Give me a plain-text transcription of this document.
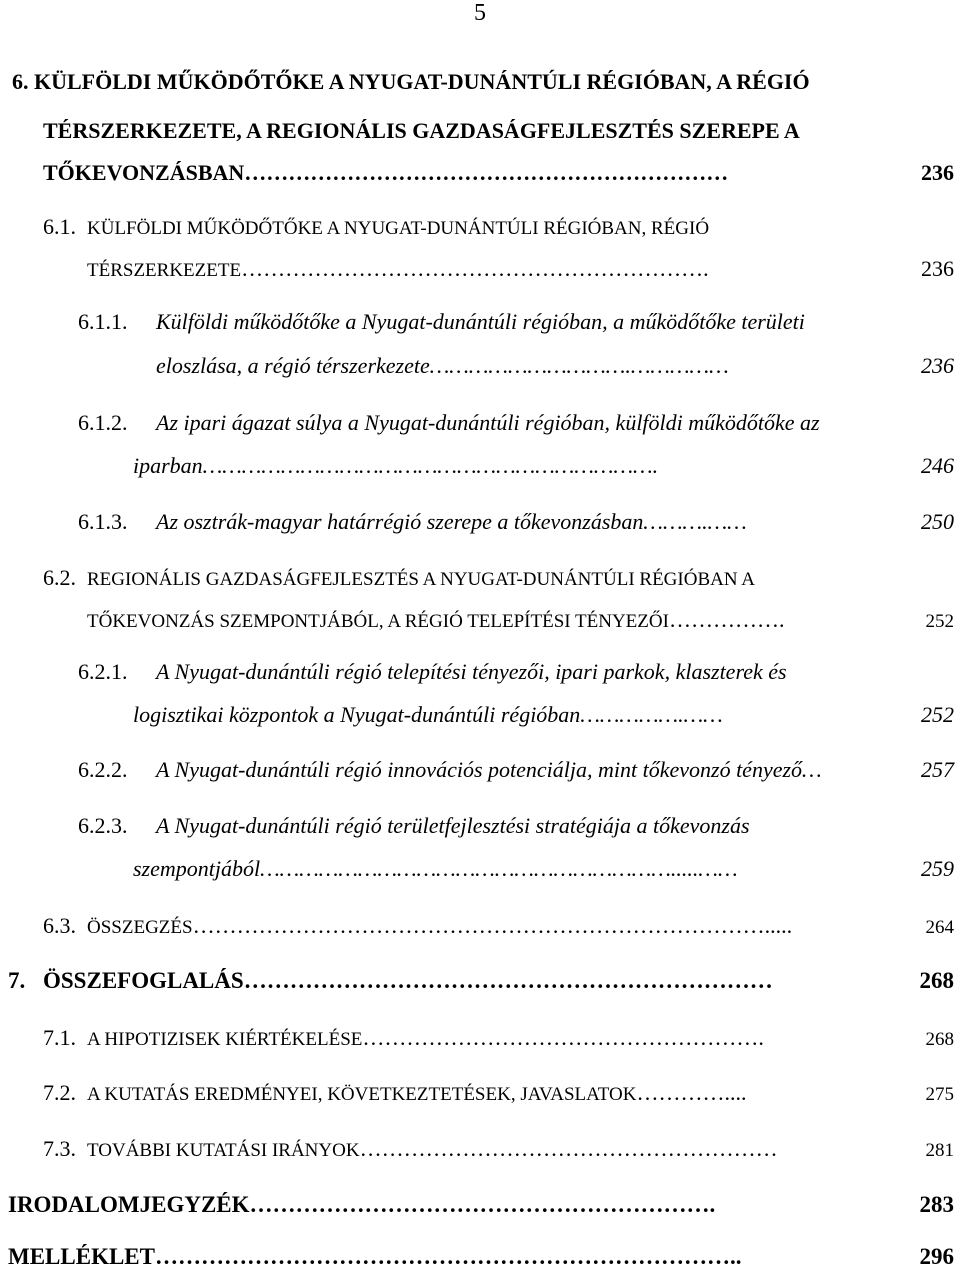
5
6. KÜLFÖLDI MŰKÖDŐTŐKE A NYUGAT-DUNÁNTÚLI RÉGIÓBAN, A RÉGIÓ
TÉRSZERKEZETE, A REGIONÁLIS GAZDASÁGFEJLESZTÉS SZEREPE A
TŐKEVONZÁSBAN …………………………………………………………	236
6.1. KÜLFÖLDI MŰKÖDŐTŐKE A NYUGAT-DUNÁNTÚLI RÉGIÓBAN, RÉGIÓ
TÉRSZERKEZETE ……………………………………………………….	236
6.1.1.	Külföldi működőtőke a Nyugat-dunántúli régióban, a működőtőke területi
eloszlása, a régió térszerkezete ………………………….……………	236
6.1.2.	Az ipari ágazat súlya a Nyugat-dunántúli régióban, külföldi működőtőke az
iparban …………………………………………………………….	246
6.1.3.	Az osztrák-magyar határrégió szerepe a tőkevonzásban ……….……	250
6.2. REGIONÁLIS GAZDASÁGFEJLESZTÉS A NYUGAT-DUNÁNTÚLI RÉGIÓBAN A
TŐKEVONZÁS SZEMPONTJÁBÓL, A RÉGIÓ TELEPÍTÉSI TÉNYEZŐI …………….	252
6.2.1.	A Nyugat-dunántúli régió telepítési tényezői, ipari parkok, klaszterek és
logisztikai központok a Nyugat-dunántúli régióban …………….……	252
6.2.2.	A Nyugat-dunántúli régió innovációs potenciálja, mint tőkevonzó tényező …	257
6.2.3.	A Nyugat-dunántúli régió területfejlesztési stratégiája a tőkevonzás
szempontjából ……………………………………………………….....……	259
6.3. ÖSSZEGZÉS …………………………………………………………………….....	264
7. ÖSSZEFOGLALÁS ……………………………………………………………	268
7.1. A HIPOTIZISEK KIÉRTÉKELÉSE ……………………………………………….	268
7.2. A KUTATÁS EREDMÉNYEI, KÖVETKEZTETÉSEK, JAVASLATOK …………....	275
7.3. TOVÁBBI KUTATÁSI IRÁNYOK …………………………………………………	281
IRODALOMJEGYZÉK …………………………………………………….	283
MELLÉKLET …………………………………………………………………..	296
